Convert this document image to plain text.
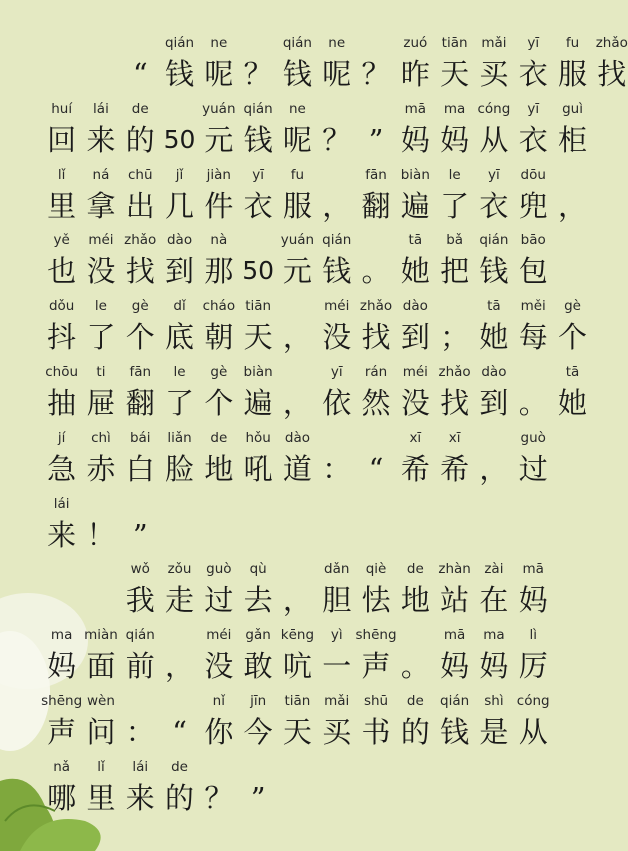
“
qián
钱
ne
呢 ？
qián
钱
ne
呢 ？
zuó
昨
tiān
天
mǎi
买
yī
衣
fu
服
zhǎo
找
huí
回
lái
来
de
的 50
yuán
元
qián
钱
ne
呢 ？ ”
mā
妈
ma
妈
cóng
从
yī
衣
guì
柜
lǐ
里
ná
拿
chū
出
jǐ
几
jiàn
件
yī
衣
fu
服 ，
fān
翻
biàn
遍
le
了
yī
衣
dōu
兜 ，
yě
也
méi
没
zhǎo
找
dào
到
nà
那 50
yuán
元
qián
钱 。
tā
她
bǎ
把
qián
钱
bāo
包
dǒu
抖
le
了
gè
个
dǐ
底
cháo
朝
tiān
天 ，
méi
没
zhǎo
找
dào
到 ；
tā
她
měi
每
gè
个
chōu
抽
ti
屉
fān
翻
le
了
gè
个
biàn
遍 ，
yī
依
rán
然
méi
没
zhǎo
找
dào
到 。
tā
她
jí
急
chì
赤
bái
白
liǎn
脸
de
地
hǒu
吼
dào
道 ： “
xī
希
xī
希 ，
guò
过
lái
来 ！ ”
wǒ
我
zǒu
走
guò
过
qù
去 ，
dǎn
胆
qiè
怯
de
地
zhàn
站
zài
在
mā
妈
ma
妈
miàn
面
qián
前 ，
méi
没
gǎn
敢
kēng
吭
yì
一
shēng
声 。
mā
妈
ma
妈
lì
厉
shēng
声
wèn
问 ： “
nǐ
你
jīn
今
tiān
天
mǎi
买
shū
书
de
的
qián
钱
shì
是
cóng
从
nǎ
哪
lǐ
里
lái
来
de
的 ？ ”
